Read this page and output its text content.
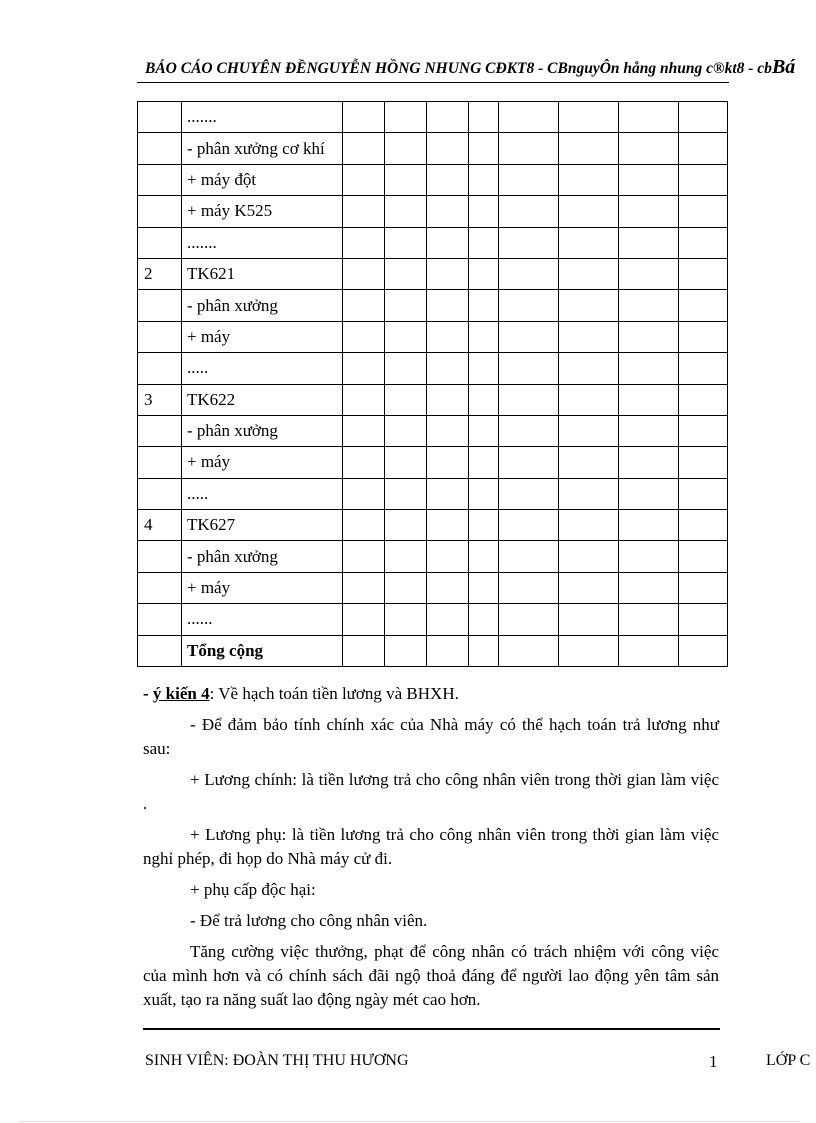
BÁO CÁO CHUYÊN ĐỀNGUYỄN HỒNG NHUNG CĐKT8 - CBnguyÔn hång nhung c®kt8 - cbBá
	.......								
	- phân xưởng cơ khí								
	+ máy đột								
	+ máy K525								
	.......								
2	TK621								
	- phân xưởng								
	+ máy								
	.....								
3	TK622								
	- phân xưởng								
	+ máy								
	.....								
4	TK627								
	- phân xưởng								
	+ máy								
	......								
	Tổng cộng								

- ý kiến 4: Về hạch toán tiền lương và BHXH.

- Để đảm bảo tính chính xác của Nhà máy có thể hạch toán trả lương như sau:

+ Lương chính: là tiền lương trả cho công nhân viên trong thời gian làm việc .

+ Lương phụ: là tiền lương trả cho công nhân viên trong thời gian làm việc nghỉ phép, đi họp do Nhà máy cử đi.

+ phụ cấp độc hại:

- Để trả lương cho công nhân viên.

Tăng cường việc thưởng, phạt để công nhân có trách nhiệm với công việc của mình hơn và có chính sách đãi ngộ thoả đáng để người lao động yên tâm sản xuất, tạo ra năng suất lao động ngày mét cao hơn.

SINH VIÊN: ĐOÀN THỊ THU HƯƠNG	1	LỚP C
